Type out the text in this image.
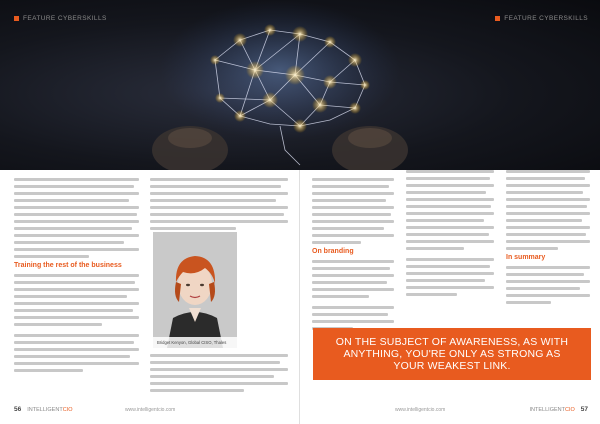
FEATURE CYBERSKILLS
Training the rest of the business
Bridget Kenyon, Global CISO, Thales
56 INTELLIGENTCIO	www.intelligentcio.com
On branding
In summary
FEATURE CYBERSKILLS
www.intelligentcio.com	INTELLIGENTCIO 57
ON THE SUBJECT OF AWARENESS, AS WITH ANYTHING, YOU'RE ONLY AS STRONG AS YOUR WEAKEST LINK.
